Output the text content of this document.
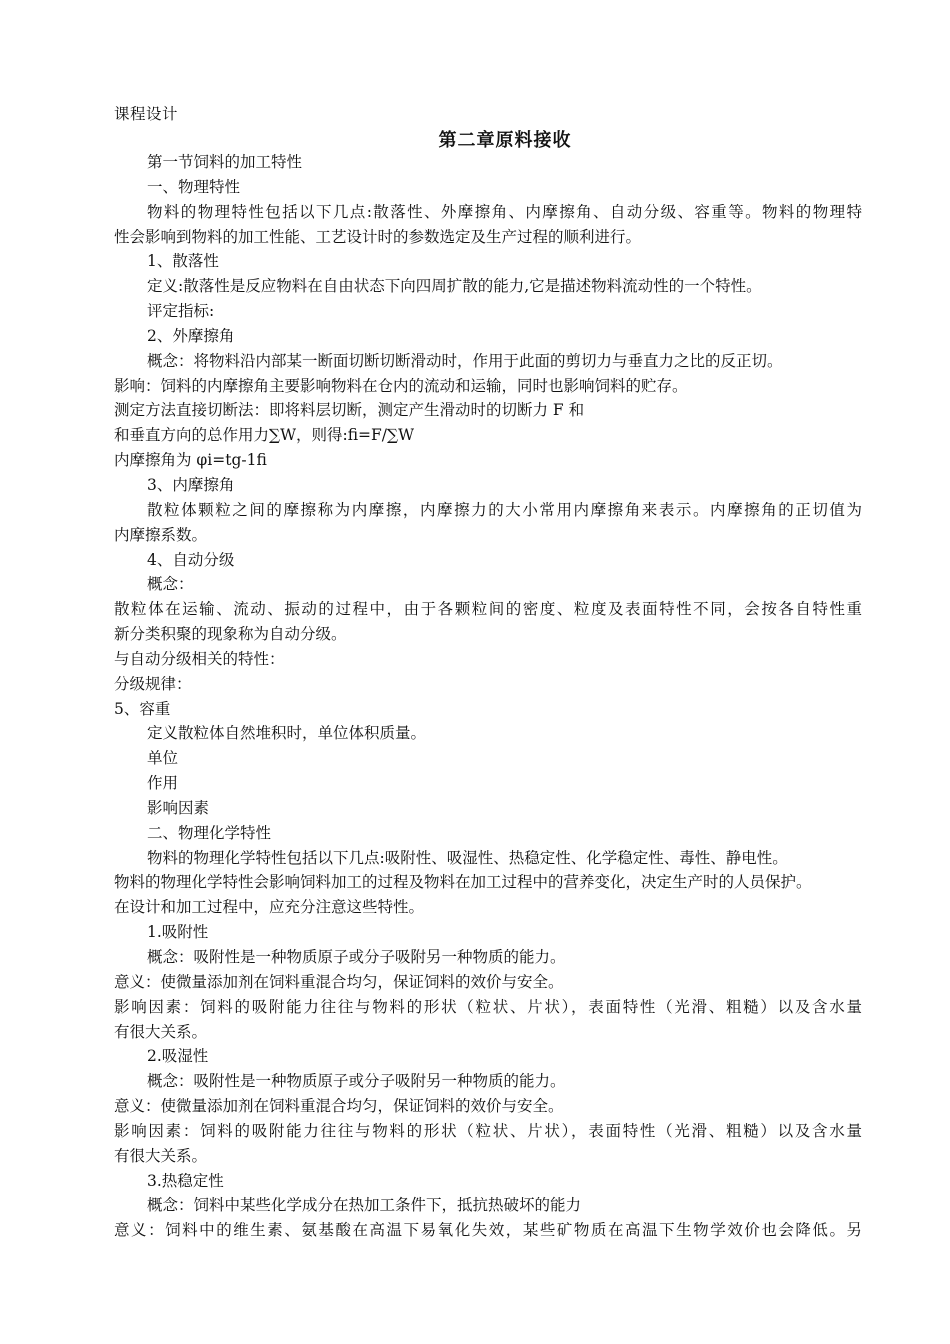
课程设计
第二章原料接收
第一节饲料的加工特性
一、物理特性
物料的物理特性包括以下几点:散落性、外摩擦角、内摩擦角、自动分级、容重等。物料的物理特
性会影响到物料的加工性能、工艺设计时的参数选定及生产过程的顺利进行。
1、散落性
定义:散落性是反应物料在自由状态下向四周扩散的能力,它是描述物料流动性的一个特性。
评定指标:
2、外摩擦角
概念：将物料沿内部某一断面切断切断滑动时，作用于此面的剪切力与垂直力之比的反正切。
影响：饲料的内摩擦角主要影响物料在仓内的流动和运输，同时也影响饲料的贮存。
测定方法直接切断法：即将料层切断，测定产生滑动时的切断力 F 和
和垂直方向的总作用力∑W，则得:fi=F/∑W
内摩擦角为 φi=tg-1fi
3、内摩擦角
散粒体颗粒之间的摩擦称为内摩擦，内摩擦力的大小常用内摩擦角来表示。内摩擦角的正切值为
内摩擦系数。
4、自动分级
概念：
散粒体在运输、流动、振动的过程中，由于各颗粒间的密度、粒度及表面特性不同，会按各自特性重
新分类积聚的现象称为自动分级。
与自动分级相关的特性：
分级规律：
5、容重
定义散粒体自然堆积时，单位体积质量。
单位
作用
影响因素
二、物理化学特性
物料的物理化学特性包括以下几点:吸附性、吸湿性、热稳定性、化学稳定性、毒性、静电性。
物料的物理化学特性会影响饲料加工的过程及物料在加工过程中的营养变化，决定生产时的人员保护。
在设计和加工过程中，应充分注意这些特性。
1.吸附性
概念：吸附性是一种物质原子或分子吸附另一种物质的能力。
意义：使微量添加剂在饲料重混合均匀，保证饲料的效价与安全。
影响因素：饲料的吸附能力往往与物料的形状（粒状、片状），表面特性（光滑、粗糙）以及含水量
有很大关系。
2.吸湿性
概念：吸附性是一种物质原子或分子吸附另一种物质的能力。
意义：使微量添加剂在饲料重混合均匀，保证饲料的效价与安全。
影响因素：饲料的吸附能力往往与物料的形状（粒状、片状），表面特性（光滑、粗糙）以及含水量
有很大关系。
3.热稳定性
概念：饲料中某些化学成分在热加工条件下，抵抗热破坏的能力
意义：饲料中的维生素、氨基酸在高温下易氧化失效，某些矿物质在高温下生物学效价也会降低。另
